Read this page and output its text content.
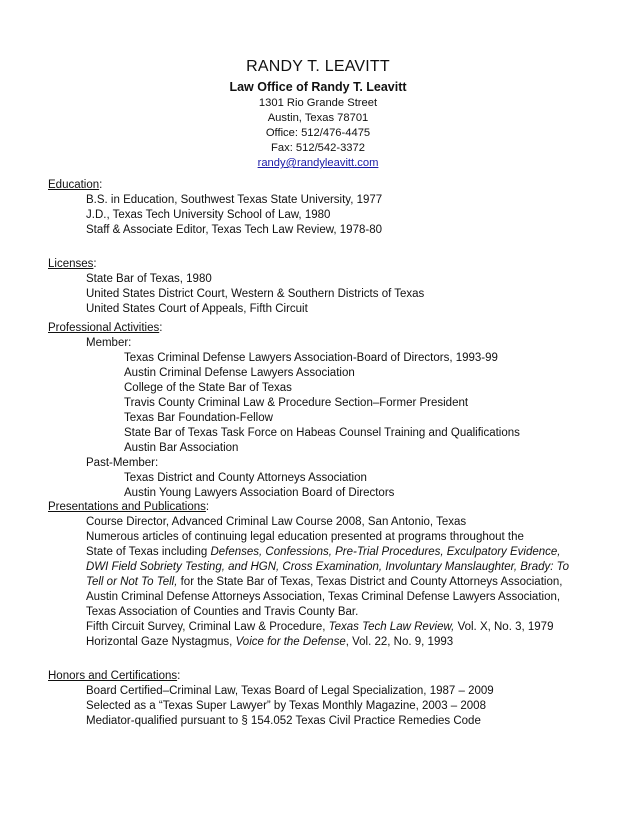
RANDY T. LEAVITT
Law Office of Randy T. Leavitt
1301 Rio Grande Street
Austin, Texas 78701
Office: 512/476-4475
Fax: 512/542-3372
randy@randyleavitt.com
Education:
B.S. in Education, Southwest Texas State University, 1977
J.D., Texas Tech University School of Law, 1980
Staff & Associate Editor, Texas Tech Law Review, 1978-80
Licenses:
State Bar of Texas, 1980
United States District Court, Western & Southern Districts of Texas
United States Court of Appeals, Fifth Circuit
Professional Activities:
Member:
Texas Criminal Defense Lawyers Association-Board of Directors, 1993-99
Austin Criminal Defense Lawyers Association
College of the State Bar of Texas
Travis County Criminal Law & Procedure Section–Former President
Texas Bar Foundation-Fellow
State Bar of Texas Task Force on Habeas Counsel Training and Qualifications
Austin Bar Association
Past-Member:
Texas District and County Attorneys Association
Austin Young Lawyers Association Board of Directors
Presentations and Publications:
Course Director, Advanced Criminal Law Course 2008, San Antonio, Texas
Numerous articles of continuing legal education presented at programs throughout the
State of Texas including Defenses, Confessions, Pre-Trial Procedures, Exculpatory Evidence,
DWI Field Sobriety Testing, and HGN, Cross Examination, Involuntary Manslaughter, Brady: To
Tell or Not To Tell, for the State Bar of Texas, Texas District and County Attorneys Association,
Austin Criminal Defense Attorneys Association, Texas Criminal Defense Lawyers Association,
Texas Association of Counties and Travis County Bar.
Fifth Circuit Survey, Criminal Law & Procedure, Texas Tech Law Review, Vol. X, No. 3, 1979
Horizontal Gaze Nystagmus, Voice for the Defense, Vol. 22, No. 9, 1993
Honors and Certifications:
Board Certified–Criminal Law, Texas Board of Legal Specialization, 1987 – 2009
Selected as a “Texas Super Lawyer” by Texas Monthly Magazine, 2003 – 2008
Mediator-qualified pursuant to § 154.052 Texas Civil Practice Remedies Code
